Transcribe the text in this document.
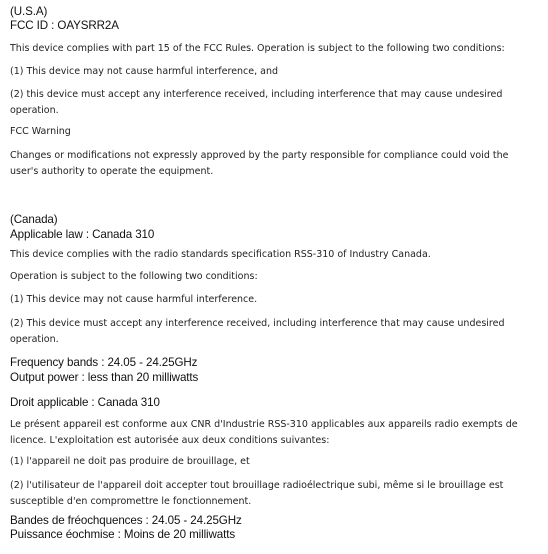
(U.S.A)
FCC ID : OAYSRR2A
This device complies with part 15 of the FCC Rules. Operation is subject to the following two conditions:
(1) This device may not cause harmful interference, and
(2) this device must accept any interference received, including interference that may cause undesired operation.
FCC Warning
Changes or modifications not expressly approved by the party responsible for compliance could void the user's authority to operate the equipment.
(Canada)
Applicable law : Canada 310
This device complies with the radio standards specification RSS-310 of Industry Canada.
Operation is subject to the following two conditions:
(1) This device may not cause harmful interference.
(2) This device must accept any interference received, including interference that may cause undesired operation.
Frequency bands : 24.05 - 24.25GHz
Output power : less than 20 milliwatts
Droit applicable : Canada 310
Le présent appareil est conforme aux CNR d'Industrie RSS-310 applicables aux appareils radio exempts de licence. L'exploitation est autorisée aux deux conditions suivantes:
(1) l'appareil ne doit pas produire de brouillage, et
(2) l'utilisateur de l'appareil doit accepter tout brouillage radioélectrique subi, même si le brouillage est susceptible d'en compromettre le fonctionnement.
Bandes de fréochquences : 24.05 - 24.25GHz
Puissance éochmise : Moins de 20 milliwatts
